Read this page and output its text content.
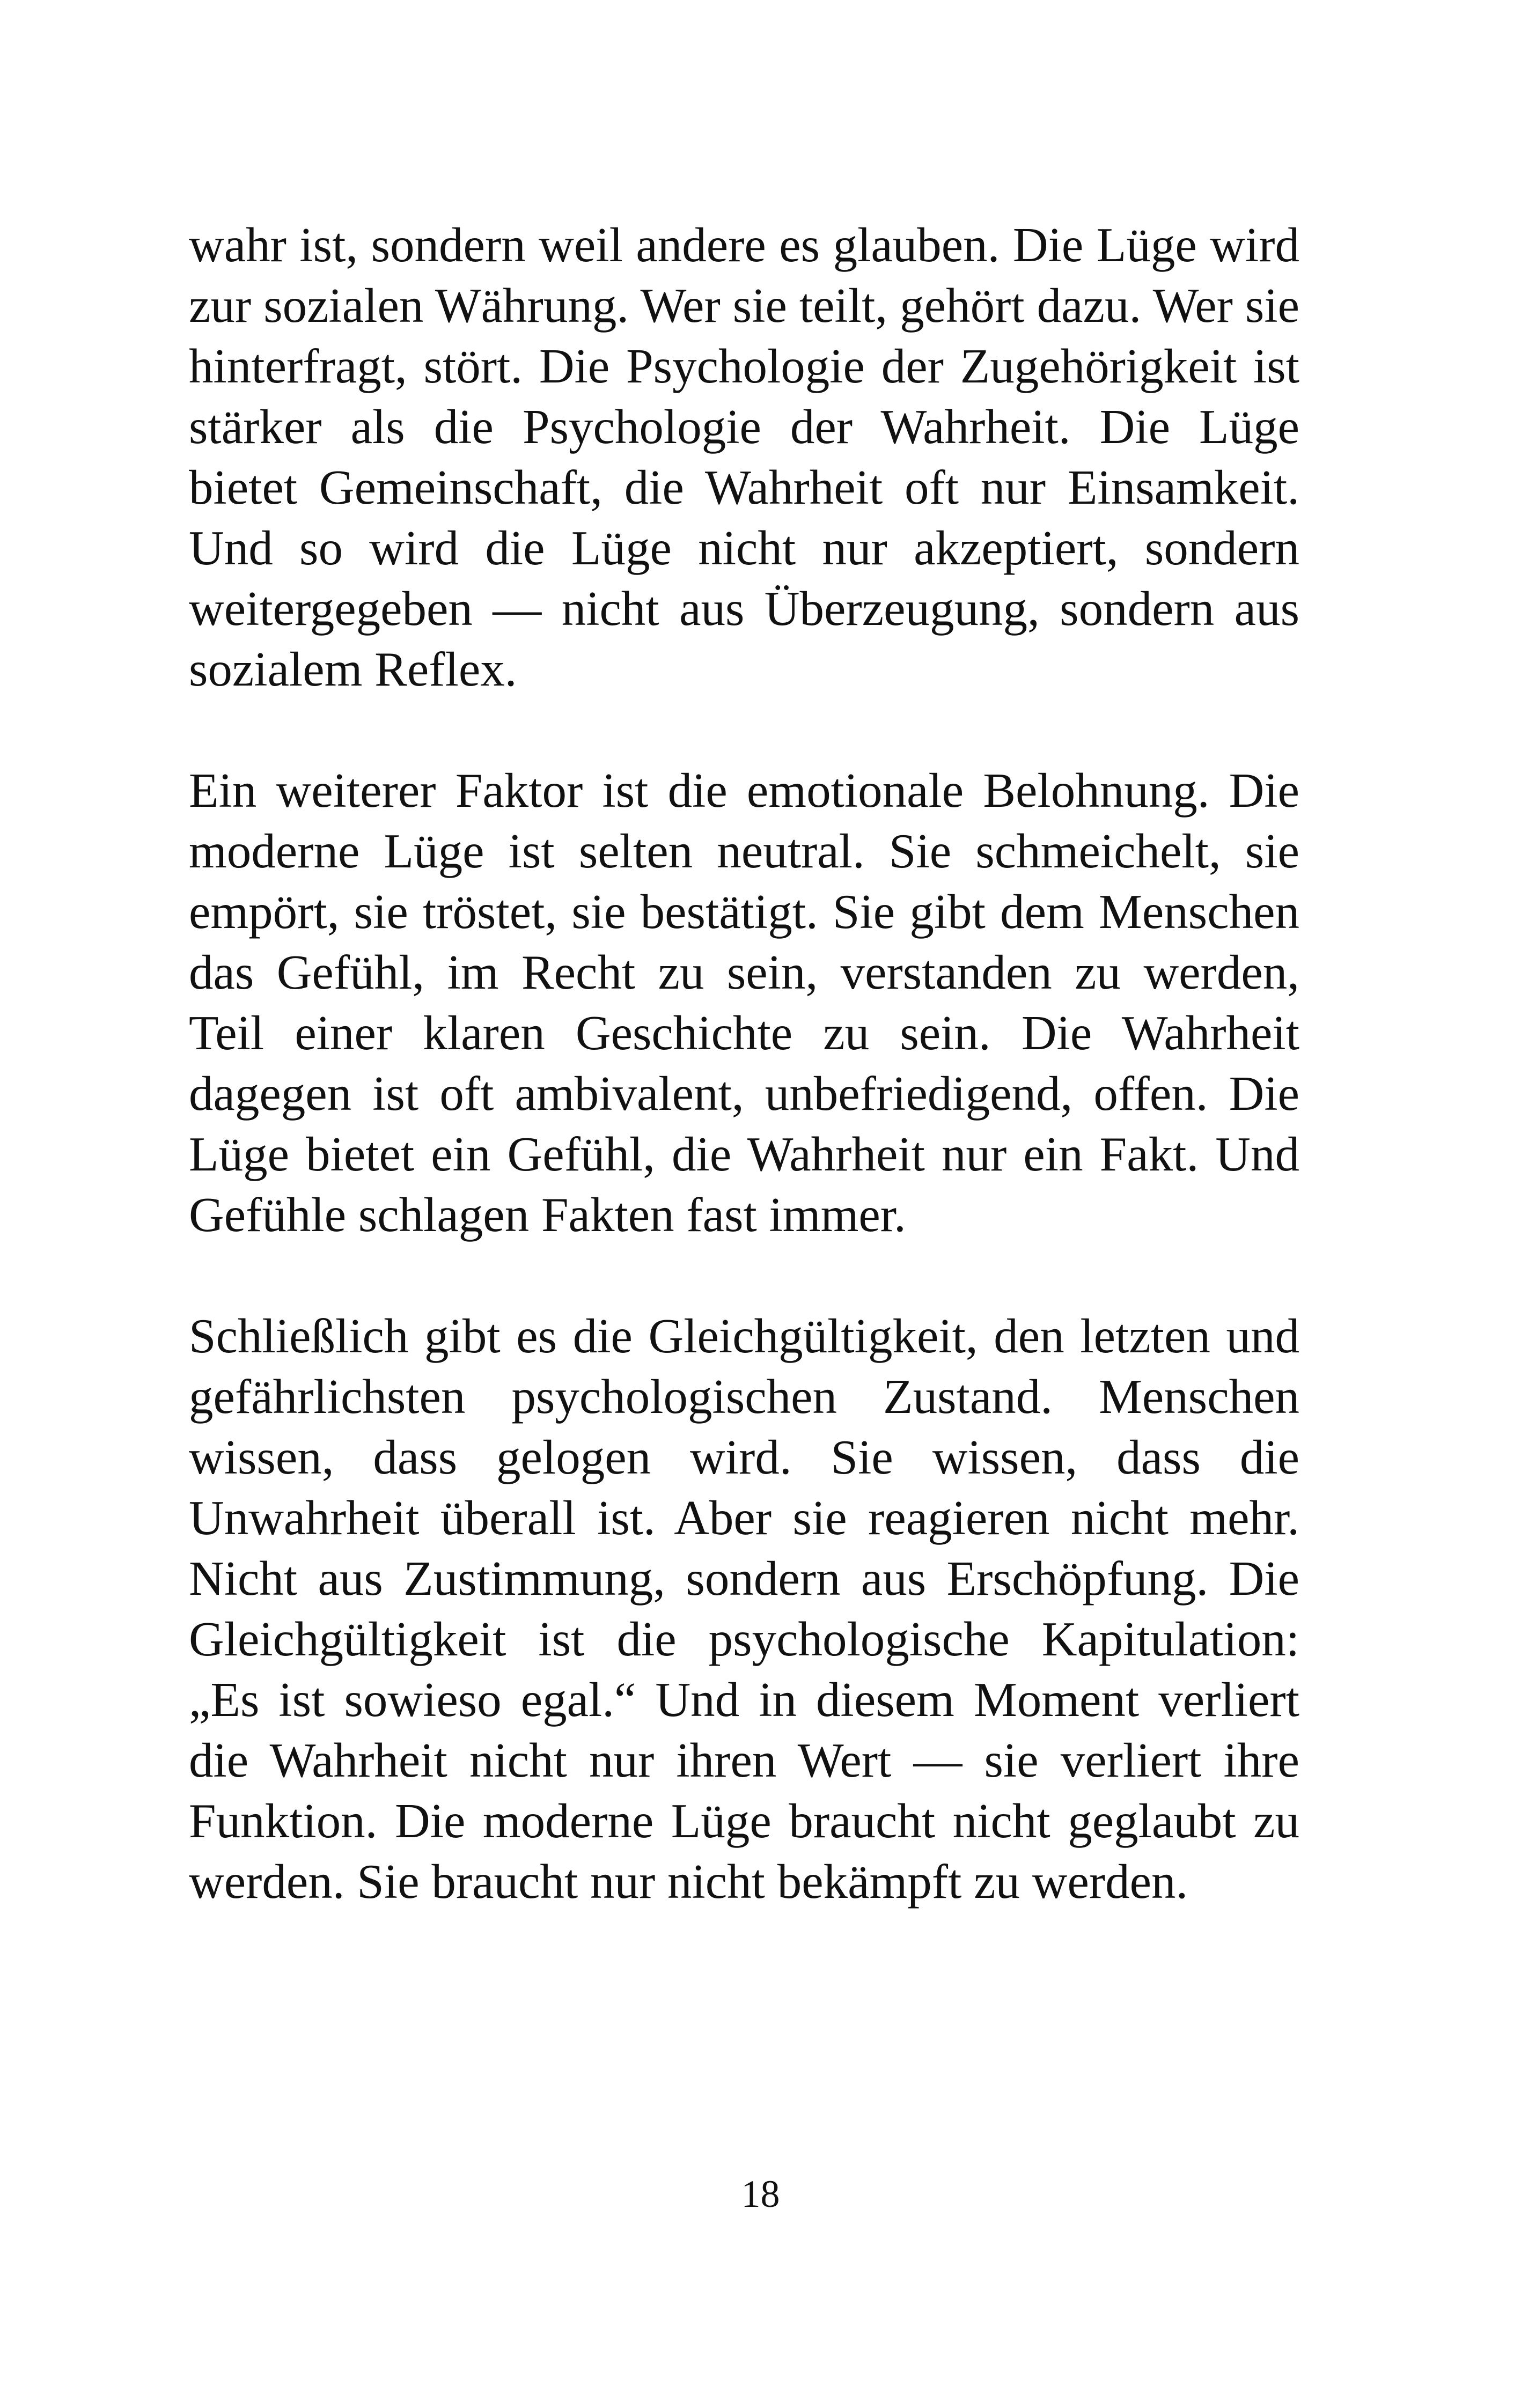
wahr ist, sondern weil andere es glauben. Die Lüge wird zur sozialen Währung. Wer sie teilt, gehört dazu. Wer sie hinterfragt, stört. Die Psychologie der Zugehörigkeit ist stärker als die Psychologie der Wahrheit. Die Lüge bietet Gemeinschaft, die Wahrheit oft nur Einsamkeit. Und so wird die Lüge nicht nur akzeptiert, sondern weitergegeben — nicht aus Überzeugung, sondern aus sozialem Reflex.

Ein weiterer Faktor ist die emotionale Belohnung. Die moderne Lüge ist selten neutral. Sie schmeichelt, sie empört, sie tröstet, sie bestätigt. Sie gibt dem Menschen das Gefühl, im Recht zu sein, verstanden zu werden, Teil einer klaren Geschichte zu sein. Die Wahrheit dagegen ist oft ambivalent, unbefriedigend, offen. Die Lüge bietet ein Gefühl, die Wahrheit nur ein Fakt. Und Gefühle schlagen Fakten fast immer.

Schließlich gibt es die Gleichgültigkeit, den letzten und gefährlichsten psychologischen Zustand. Menschen wissen, dass gelogen wird. Sie wissen, dass die Unwahrheit überall ist. Aber sie reagieren nicht mehr. Nicht aus Zustimmung, sondern aus Erschöpfung. Die Gleichgültigkeit ist die psychologische Kapitulation: „Es ist sowieso egal.“ Und in diesem Moment verliert die Wahrheit nicht nur ihren Wert — sie verliert ihre Funktion. Die moderne Lüge braucht nicht geglaubt zu werden. Sie braucht nur nicht bekämpft zu werden.

18
